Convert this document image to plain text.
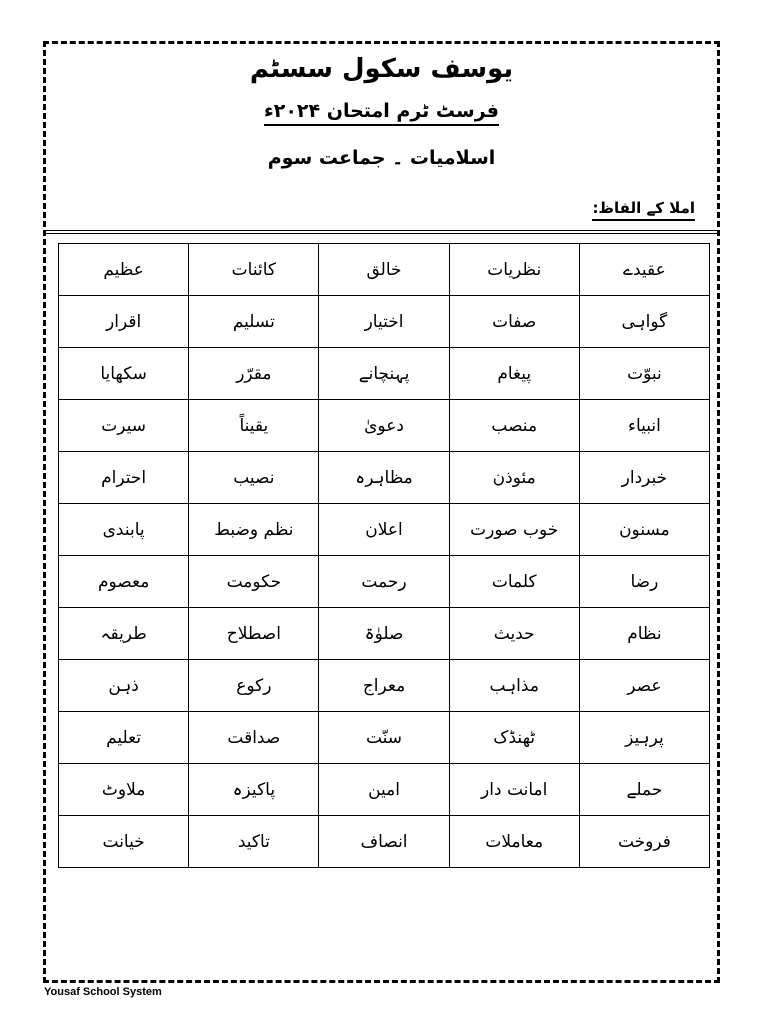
یوسف سکول سسٹم
فرسٹ ٹرم امتحان ۲۰۲۴ء
اسلامیات ۔ جماعت سوم
املا کے الفاظ:
عقیدے	نظریات	خالق	کائنات	عظیم
گواہی	صفات	اختیار	تسلیم	اقرار
نبوّت	پیغام	پہنچانے	مقرّر	سکھایا
انبیاء	منصب	دعویٰ	یقیناً	سیرت
خبردار	مئوذن	مظاہرہ	نصیب	احترام
مسنون	خوب صورت	اعلان	نظم وضبط	پابندی
رضا	کلمات	رحمت	حکومت	معصوم
نظام	حدیث	صلوٰۃ	اصطلاح	طریقہ
عصر	مذاہب	معراج	رکوع	ذہن
پرہیز	ٹھنڈک	سنّت	صداقت	تعلیم
حملے	امانت دار	امین	پاکیزہ	ملاوٹ
فروخت	معاملات	انصاف	تاکید	خیانت
Yousaf School System
